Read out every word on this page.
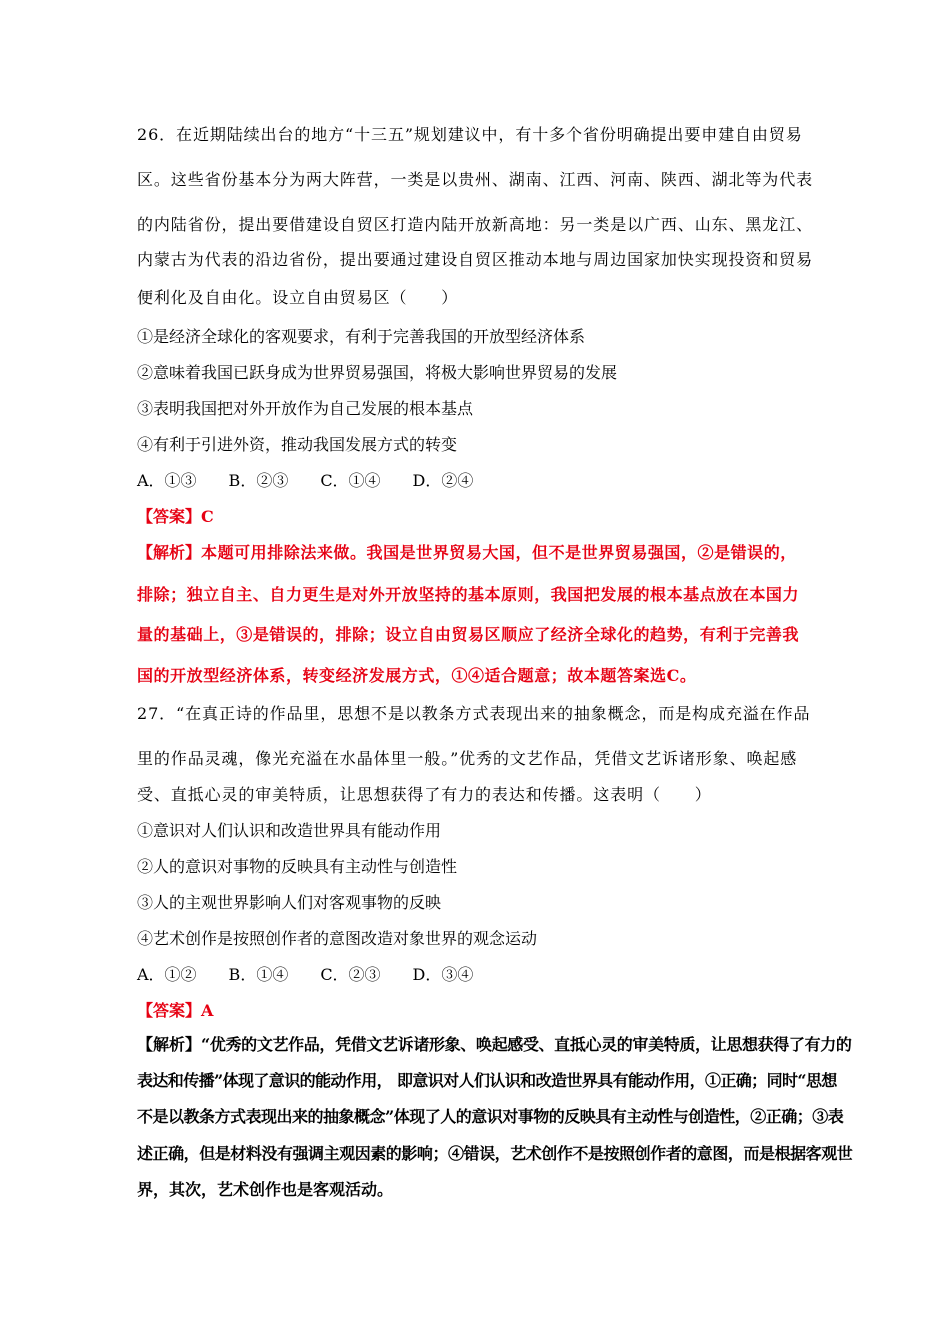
26．在近期陆续出台的地方“十三五”规划建议中，有十多个省份明确提出要申建自由贸易
区。这些省份基本分为两大阵营，一类是以贵州、湖南、江西、河南、陕西、湖北等为代表
的内陆省份，提出要借建设自贸区打造内陆开放新高地：另一类是以广西、山东、黑龙江、
内蒙古为代表的沿边省份，提出要通过建设自贸区推动本地与周边国家加快实现投资和贸易
便利化及自由化。设立自由贸易区（　　）
①是经济全球化的客观要求，有利于完善我国的开放型经济体系
②意味着我国已跃身成为世界贸易强国，将极大影响世界贸易的发展
③表明我国把对外开放作为自己发展的根本基点
④有利于引进外资，推动我国发展方式的转变
A．①③　　B．②③　　C．①④　　D．②④
【答案】C
【解析】本题可用排除法来做。我国是世界贸易大国，但不是世界贸易强国，②是错误的，
排除；独立自主、自力更生是对外开放坚持的基本原则，我国把发展的根本基点放在本国力
量的基础上，③是错误的，排除；设立自由贸易区顺应了经济全球化的趋势，有利于完善我
国的开放型经济体系，转变经济发展方式，①④适合题意；故本题答案选C。
27．“在真正诗的作品里，思想不是以教条方式表现出来的抽象概念，而是构成充溢在作品
里的作品灵魂，像光充溢在水晶体里一般。”优秀的文艺作品，凭借文艺诉诸形象、唤起感
受、直抵心灵的审美特质，让思想获得了有力的表达和传播。这表明（　　）
①意识对人们认识和改造世界具有能动作用
②人的意识对事物的反映具有主动性与创造性
③人的主观世界影响人们对客观事物的反映
④艺术创作是按照创作者的意图改造对象世界的观念运动
A．①②　　B．①④　　C．②③　　D．③④
【答案】A
【解析】“优秀的文艺作品，凭借文艺诉诸形象、唤起感受、直抵心灵的审美特质，让思想获得了有力的
表达和传播”体现了意识的能动作用， 即意识对人们认识和改造世界具有能动作用，①正确；同时“思想
不是以教条方式表现出来的抽象概念”体现了人的意识对事物的反映具有主动性与创造性，②正确；③表
述正确，但是材料没有强调主观因素的影响；④错误，艺术创作不是按照创作者的意图，而是根据客观世
界，其次，艺术创作也是客观活动。
